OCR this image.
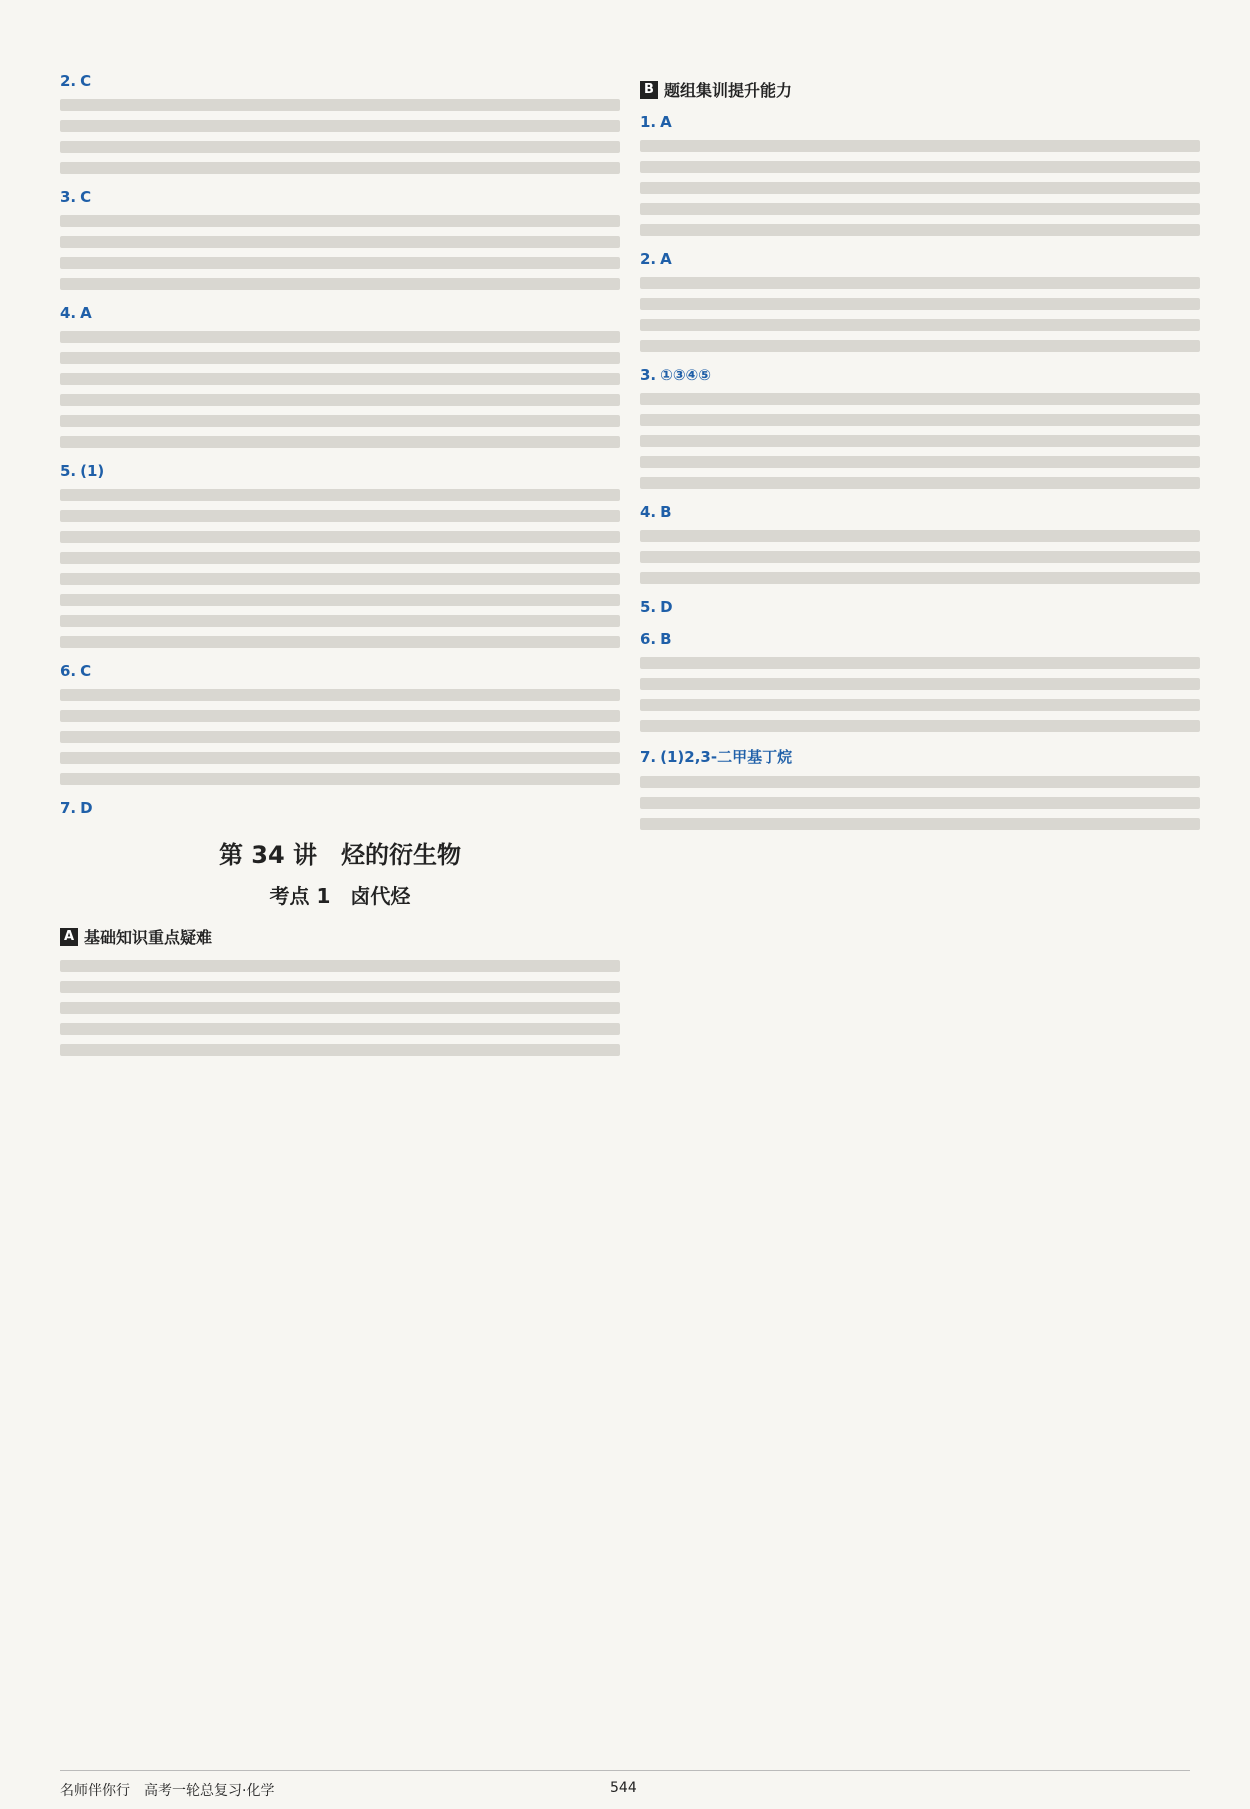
2. C
3. C
4. A
5. (1)
6. C
7. D
第 34 讲　烃的衍生物
考点 1　卤代烃
A 基础知识重点疑难
B 题组集训提升能力
1. A
2. A
3. ①③④⑤
4. B
5. D
6. B
7. (1)2,3-二甲基丁烷
名师伴你行　高考一轮总复习·化学	544
